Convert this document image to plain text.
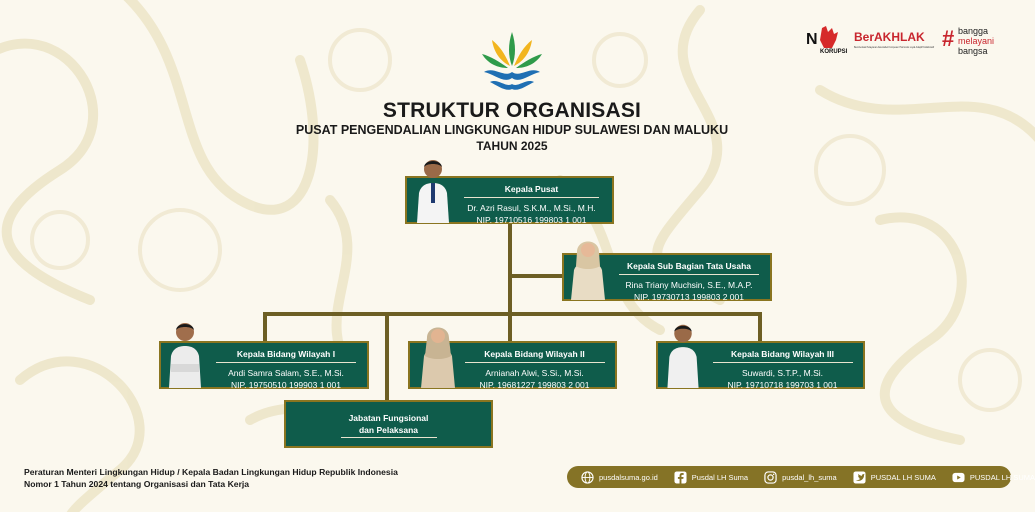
STRUKTUR ORGANISASI
PUSAT PENGENDALIAN LINGKUNGAN HIDUP SULAWESI DAN MALUKU
TAHUN 2025
N
KORUPSI
BerAKHLAK
Berorientasi Pelayanan Akuntabel Kompeten Harmonis Loyal Adaptif Kolaboratif # bangga
melayani
bangsa
Kepala Pusat
Dr. Azri Rasul, S.K.M., M.Si., M.H.
NIP. 19710516 199803 1 001
Kepala Sub Bagian Tata Usaha
Rina Triany Muchsin, S.E., M.A.P.
NIP. 19730713 199803 2 001
Kepala Bidang Wilayah I
Andi Samra Salam, S.E., M.Si.
NIP. 19750510 199903 1 001
Kepala Bidang Wilayah II
Arnianah Alwi, S.Si., M.Si.
NIP. 19681227 199803 2 001
Kepala Bidang Wilayah III
Suwardi, S.T.P., M.Si.
NIP. 19710718 199703 1 001
Jabatan Fungsional
dan Pelaksana
Peraturan Menteri Lingkungan Hidup / Kepala Badan Lingkungan Hidup Republik Indonesia
Nomor 1 Tahun 2024 tentang Organisasi dan Tata Kerja
pusdalsuma.go.id	Pusdal LH Suma	pusdal_lh_suma	PUSDAL LH SUMA	PUSDAL LH SUMA
